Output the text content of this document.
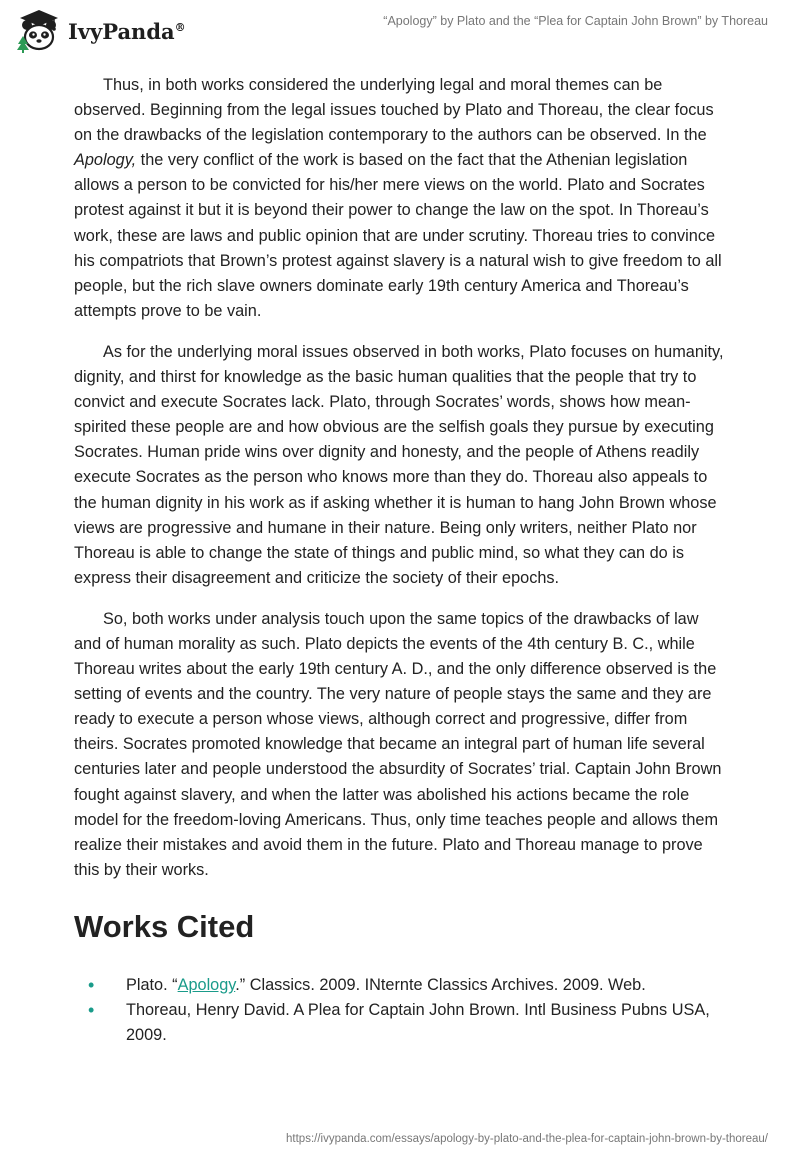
IvyPanda®	“Apology” by Plato and the “Plea for Captain John Brown” by Thoreau

Thus, in both works considered the underlying legal and moral themes can be observed. Beginning from the legal issues touched by Plato and Thoreau, the clear focus on the drawbacks of the legislation contemporary to the authors can be observed. In the Apology, the very conflict of the work is based on the fact that the Athenian legislation allows a person to be convicted for his/her mere views on the world. Plato and Socrates protest against it but it is beyond their power to change the law on the spot. In Thoreau’s work, these are laws and public opinion that are under scrutiny. Thoreau tries to convince his compatriots that Brown’s protest against slavery is a natural wish to give freedom to all people, but the rich slave owners dominate early 19th century America and Thoreau’s attempts prove to be vain.

As for the underlying moral issues observed in both works, Plato focuses on humanity, dignity, and thirst for knowledge as the basic human qualities that the people that try to convict and execute Socrates lack. Plato, through Socrates’ words, shows how mean-spirited these people are and how obvious are the selfish goals they pursue by executing Socrates. Human pride wins over dignity and honesty, and the people of Athens readily execute Socrates as the person who knows more than they do. Thoreau also appeals to the human dignity in his work as if asking whether it is human to hang John Brown whose views are progressive and humane in their nature. Being only writers, neither Plato nor Thoreau is able to change the state of things and public mind, so what they can do is express their disagreement and criticize the society of their epochs.

So, both works under analysis touch upon the same topics of the drawbacks of law and of human morality as such. Plato depicts the events of the 4th century B. C., while Thoreau writes about the early 19th century A. D., and the only difference observed is the setting of events and the country. The very nature of people stays the same and they are ready to execute a person whose views, although correct and progressive, differ from theirs. Socrates promoted knowledge that became an integral part of human life several centuries later and people understood the absurdity of Socrates’ trial. Captain John Brown fought against slavery, and when the latter was abolished his actions became the role model for the freedom-loving Americans. Thus, only time teaches people and allows them realize their mistakes and avoid them in the future. Plato and Thoreau manage to prove this by their works.

Works Cited
• Plato. “Apology.” Classics. 2009. INternte Classics Archives. 2009. Web.
• Thoreau, Henry David. A Plea for Captain John Brown. Intl Business Pubns USA, 2009.
https://ivypanda.com/essays/apology-by-plato-and-the-plea-for-captain-john-brown-by-thoreau/
